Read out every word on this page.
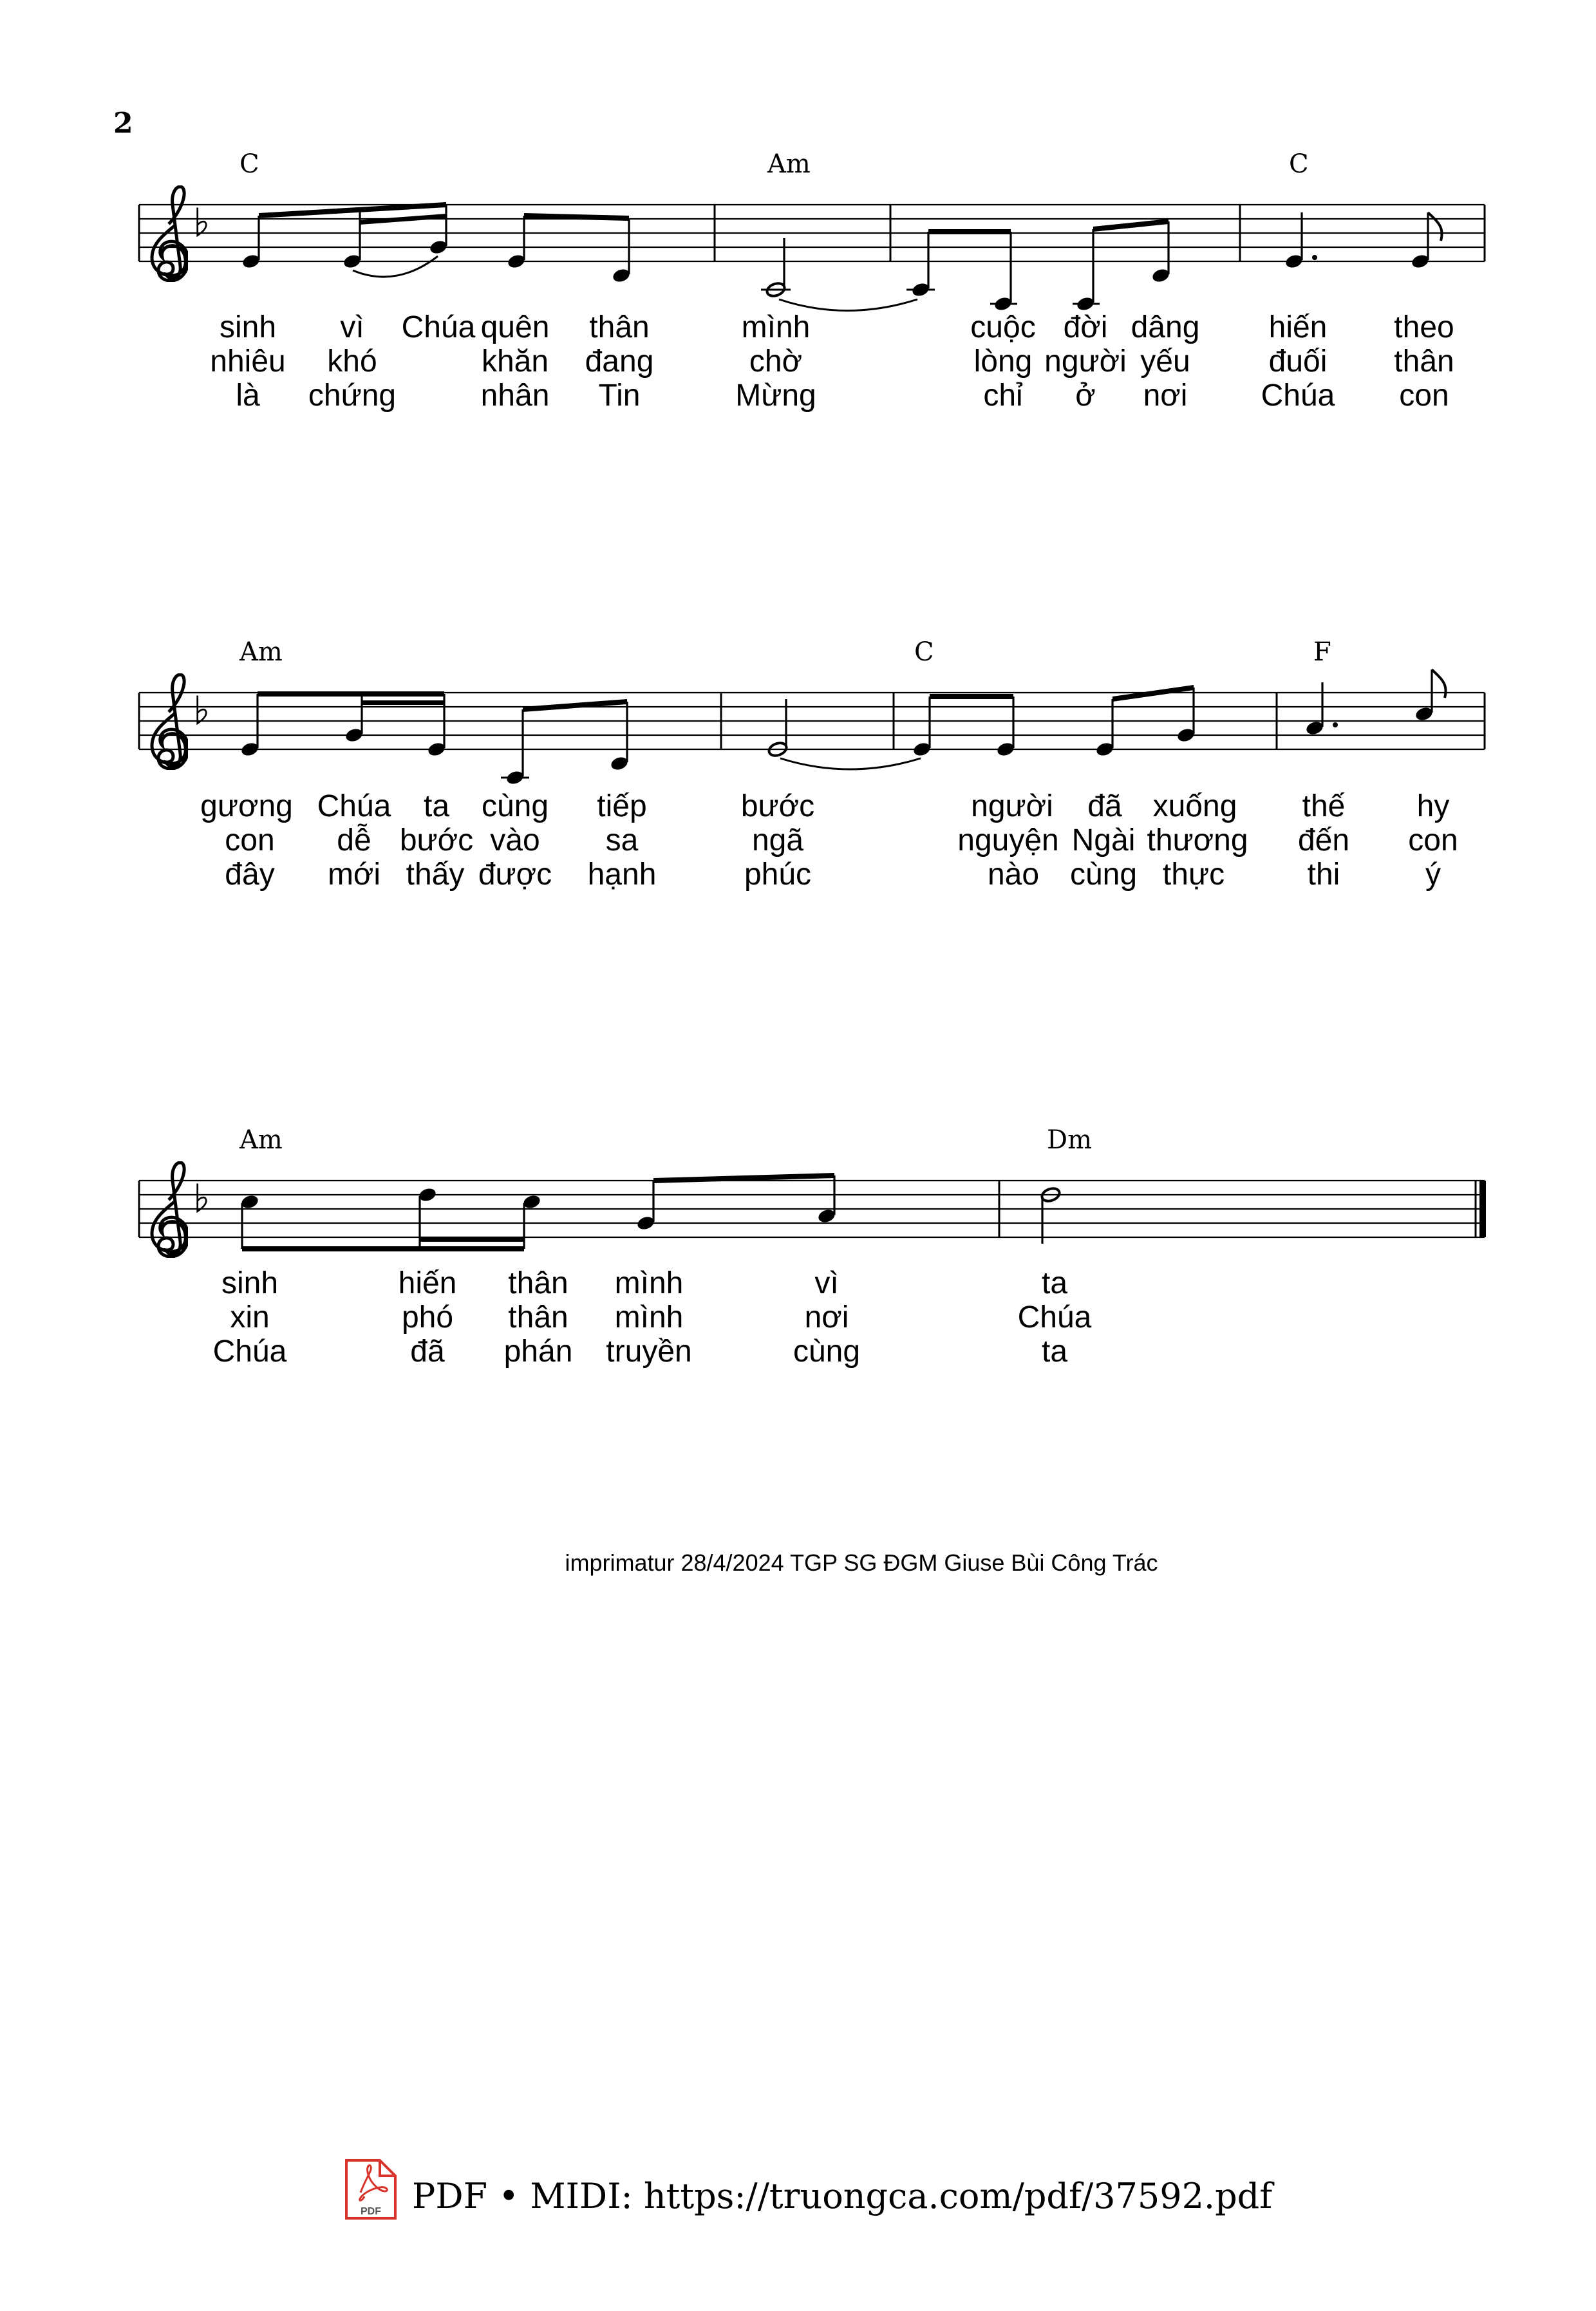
2
C	Am	C
sinh vì Chúa quên thân	mình	cuộc đời dâng hiến theo
nhiêu khó	khăn đang	chờ	lòng người yếu	đuối thân
là chứng	nhân Tin	Mừng	chỉ ở nơi Chúa con
Am	C	F
gương Chúa ta cùng tiếp	bước	người đã xuống thế hy
con dễ bước vào sa	ngã	nguyện Ngài thương đến con
đây mới thấy được hạnh	phúc	nào cùng thực	thi	ý
Am	Dm
sinh	hiến thân mình	vì	ta
xin	phó thân mình	nơi	Chúa
Chúa	đã phán truyền	cùng	ta
imprimatur 28/4/2024 TGP SG ĐGM Giuse Bùi Công Trác
PDF PDF • MIDI: https://truongca.com/pdf/37592.pdf
